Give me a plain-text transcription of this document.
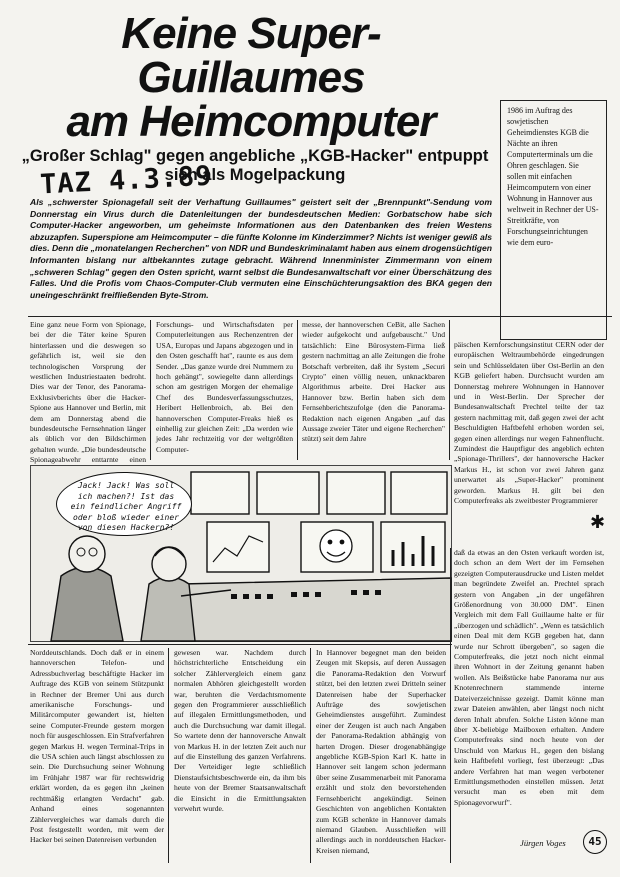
Keine Super-Guillaumes
am Heimcomputer
„Großer Schlag" gegen angebliche „KGB-Hacker" entpuppt sich als Mogelpackung
TAZ 4.3.89
1986 im Auftrag des sowjetischen Geheimdienstes KGB die Nächte an ihren Computerterminals um die Ohren geschlagen. Sie sollen mit einfachen Heimcomputern von einer Wohnung in Hannover aus weltweit in Rechner der US-Streitkräfte, von Forschungseinrichtungen wie dem euro-
Als „schwerster Spionagefall seit der Verhaftung Guillaumes" geistert seit der „Brennpunkt"-Sendung vom Donnerstag ein Virus durch die Datenleitungen der bundesdeutschen Medien: Gorbatschow habe sich Computer-Hacker angeworben, um geheimste Informationen aus den Datenbanken des freien Westens abzuzapfen. Superspione am Heimcomputer – die fünfte Kolonne im Kinderzimmer? Nichts ist weniger gewiß als dies. Denn die „monatelangen Recherchen" von NDR und Bundeskriminalamt haben aus einem drogensüchtigen Informanten bislang nur altbekanntes zutage gebracht. Während Innenminister Zimmermann von einem „schweren Schlag" gegen den Osten spricht, warnt selbst die Bundesanwaltschaft vor einer Überschätzung des Falles. Und die Profis vom Chaos-Computer-Club vermuten eine Einschüchterungsaktion des BKA gegen den uneingeschränkt freifließenden Byte-Strom.
Eine ganz neue Form von Spionage, bei der die Täter keine Spuren hinterlassen und die deswegen so gefährlich ist, weil sie den technologischen Vorsprung der westlichen Industriestaaten bedroht. Dies war der Tenor, des Panorama-Exklusivberichts über die Hacker-Spione aus Hannover und Berlin, mit dem am Donnerstag abend die bundesdeutsche Fernsehnation länger als üblich vor den Bildschirmen gehalten wurde. „Die bundesdeutsche Spionageabwehr enttarnte einen
Forschungs- und Wirtschaftsdaten per Computerleitungen aus Rechenzentren der USA, Europas und Japans abgezogen und in den Osten geschafft hat", raunte es aus dem Sender. „Das ganze wurde drei Nummern zu hoch gehängt", sowiegelte dann allerdings schon am gestrigen Morgen der ehemalige Chef des Bundesverfassungsschutzes, Heribert Hellenbroich, ab. Bei den hannoverschen Computer-Freaks hieß es einhellig zur gleichen Zeit: „Da werden wie jedes Jahr rechtzeitig vor der weltgrößten Computer-
messe, der hannoverschen CeBit, alle Sachen wieder aufgekocht und aufgebauscht." Und tatsächlich: Eine Bürosystem-Firma ließ gestern nachmittag an alle Zeitungen die frohe Botschaft verbreiten, daß ihr System „Securi Crypto" einen völlig neuen, unknackbaren Algorithmus arbeite. Drei Hacker aus Hannover bzw. Berlin haben sich dem Fernsehberichtszufolge (den die Panorama-Redaktion nach eigenen Angaben „auf das Aussage zweier Täter und eigene Recherchen" stützt) seit dem Jahre
päischen Kernforschungsinstitut CERN oder der europäischen Weltraumbehörde eingedrungen sein und Schlüsseldaten über Ost-Berlin an den KGB geliefert haben. Durchsucht wurden am Donnerstag mehrere Wohnungen in Hannover und in West-Berlin. Der Sprecher der Bundesanwaltschaft Prechtel teilte der taz gestern nachmittag mit, daß gegen zwei der acht Beschuldigten Haftbefehl erhoben worden sei, gegen einen allerdings nur wegen Fahnenflucht. Zumindest die Hauptfigur des angeblich echten „Spionage-Thrillers", der hannoversche Hacker Markus H., ist schon vor zwei Jahren ganz unerwartet als „Super-Hacker" prominent geworden. Markus H. gilt bei den Computerfreaks als zweitbester Programmierer
✱
Jack! Jack! Was soll ich machen?! Ist das ein feindlicher Angriff oder bloß wieder einer von diesen Hackern?!
daß da etwas an den Osten verkauft worden ist, doch schon an dem Wert der im Fernsehen gezeigten Computerausdrucke und Listen meldet man begründete Zweifel an. Prechtel sprach gestern von Angaben „in der ungefähren Größenordnung von 30.000 DM". Einen Vergleich mit dem Fall Guillaume halte er für „überzogen und schädlich". „Wenn es tatsächlich einen Deal mit dem KGB gegeben hat, dann wurde nur Schrott übergeben", so sagen die Computerfreaks, die jetzt noch nicht einmal ihren Wohnort in der Zeitung genannt haben wollen. Als Beißstücke habe Panorama nur aus Knotenrechnern stammende interne Dateiverzeichnisse gezeigt. Damit könne man zwar Dateien anwählen, aber längst noch nicht deren Inhalt abrufen. Solche Listen könne man über X-beliebige Mailboxen erhalten. Andere Computerfreaks sind noch heute von der Unschuld von Markus H., gegen den bislang kein Haftbefehl vorliegt, fest überzeugt: „Das andere Verfahren hat man wegen verbotener Ermittlungsmethoden einstellen müssen. Jetzt versucht man es eben mit dem Spionagevorwurf".
Norddeutschlands. Doch daß er in einem hannoverschen Telefon- und Adressbuchverlag beschäftigte Hacker im Auftrage des KGB von seinem Stützpunkt in Rechner der Bremer Uni aus durch amerikanische Forschungs- und Militärcomputer gewandert ist, hielten seine Computer-Freunde gestern morgen noch für ausgeschlossen. Ein Strafverfahren gegen Markus H. wegen Terminal-Trips in die USA schien auch längst abschlossen zu sein. Die Durchsuchung seiner Wohnung im Frühjahr 1987 war für rechtswidrig erklärt worden, da es gegen ihn „keinen rechtmäßig erlangten Verdacht" gab. Anhand eines sogenannten Zählervergleiches war damals durch die Post festgestellt worden, mit wem der Hacker bei seinen Datenreisen verbunden
gewesen war. Nachdem durch höchstrichterliche Entscheidung ein solcher Zählervergleich einem ganz normalen Abhören gleichgestellt worden war, beruhten die Verdachtsmomente gegen den Programmierer ausschließlich auf illegalen Ermittlungsmethoden, und auch die Durchsuchung war damit illegal. So wartete denn der hannoversche Anwalt von Markus H. in der letzten Zeit auch nur auf die Einstellung des ganzen Verfahrens. Der Verteidiger legte schließlich Dienstaufsichtsbeschwerde ein, da ihm bis heute von der Bremer Staatsanwaltschaft die Einsicht in die Ermittlungsakten verwehrt wurde.
In Hannover begegnet man den beiden Zeugen mit Skepsis, auf deren Aussagen die Panorama-Redaktion den Vorwurf stützt, bei den letzten zwei Dritteln seiner Datenreisen habe der Superhacker Aufträge des sowjetischen Geheimdienstes ausgeführt. Zumindest einer der Zeugen ist auch nach Angaben der Panorama-Redaktion abhängig von harten Drogen. Dieser drogenabhängige angebliche KGB-Spion Karl K. hatte in Hannover seit langem schon jedermann über seine Zusammenarbeit mit Panorama erzählt und stolz den bevorstehenden Fernsehbericht angekündigt. Seinen Geschichten von angeblichen Kontakten zum KGB schenkte in Hannover damals niemand Glauben. Ausschließen will allerdings auch in norddeutschen Hacker-Kreisen niemand,
Jürgen Voges	45
